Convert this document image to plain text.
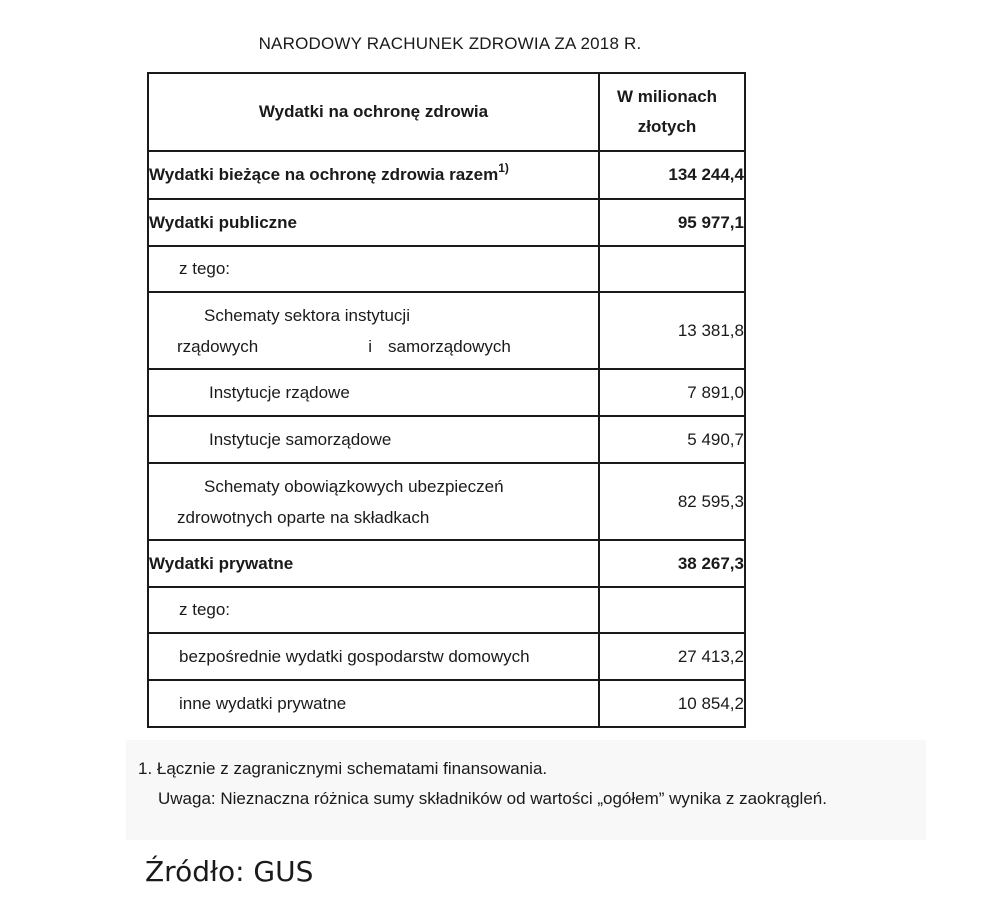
NARODOWY RACHUNEK ZDROWIA ZA 2018 R.
Wydatki na ochronę zdrowia	W milionach
złotych
Wydatki bieżące na ochronę zdrowia razem$^{1)}$	134 244,4
Wydatki publiczne	95 977,1
z tego:	

Schematy sektora instytucji
rządowych i samorządowych	13 381,8
Instytucje rządowe	7 891,0
Instytucje samorządowe	5 490,7

Schematy obowiązkowych ubezpieczeń
zdrowotnych oparte na składkach	82 595,3
Wydatki prywatne	38 267,3
z tego:	
bezpośrednie wydatki gospodarstw domowych	27 413,2
inne wydatki prywatne	10 854,2
1. Łącznie z zagranicznymi schematami finansowania.
Uwaga: Nieznaczna różnica sumy składników od wartości „ogółem” wynika z zaokrągleń.
Źródło: GUS
